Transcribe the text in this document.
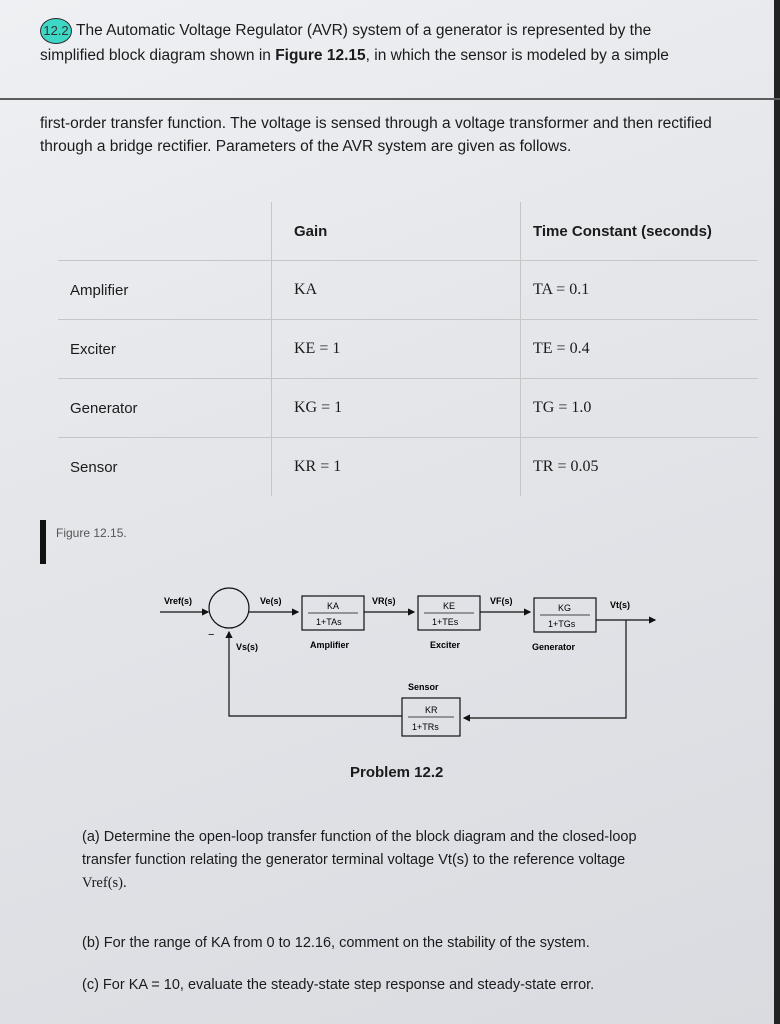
12.2 The Automatic Voltage Regulator (AVR) system of a generator is represented by the
simplified block diagram shown in Figure 12.15, in which the sensor is modeled by a simple
first-order transfer function. The voltage is sensed through a voltage transformer and then rectified through a bridge rectifier. Parameters of the AVR system are given as follows.
	Gain	Time Constant (seconds)
Amplifier	KA	TA = 0.1
Exciter	KE = 1	TE = 0.4
Generator	KG = 1	TG = 1.0
Sensor	KR = 1	TR = 0.05
Figure 12.15.
Vref(s)
−
Ve(s)	KA
1+TAs
Amplifier
VR(s)	KE
1+TEs
Exciter
VF(s)
KG
1+TGs
Generator
Vt(s)
KR
1+TRs
Sensor
Vs(s)
Problem 12.2
(a) Determine the open-loop transfer function of the block diagram and the closed-loop
transfer function relating the generator terminal voltage Vt(s) to the reference voltage
Vref(s).
(b) For the range of KA from 0 to 12.16, comment on the stability of the system.
(c) For KA = 10, evaluate the steady-state step response and steady-state error.
